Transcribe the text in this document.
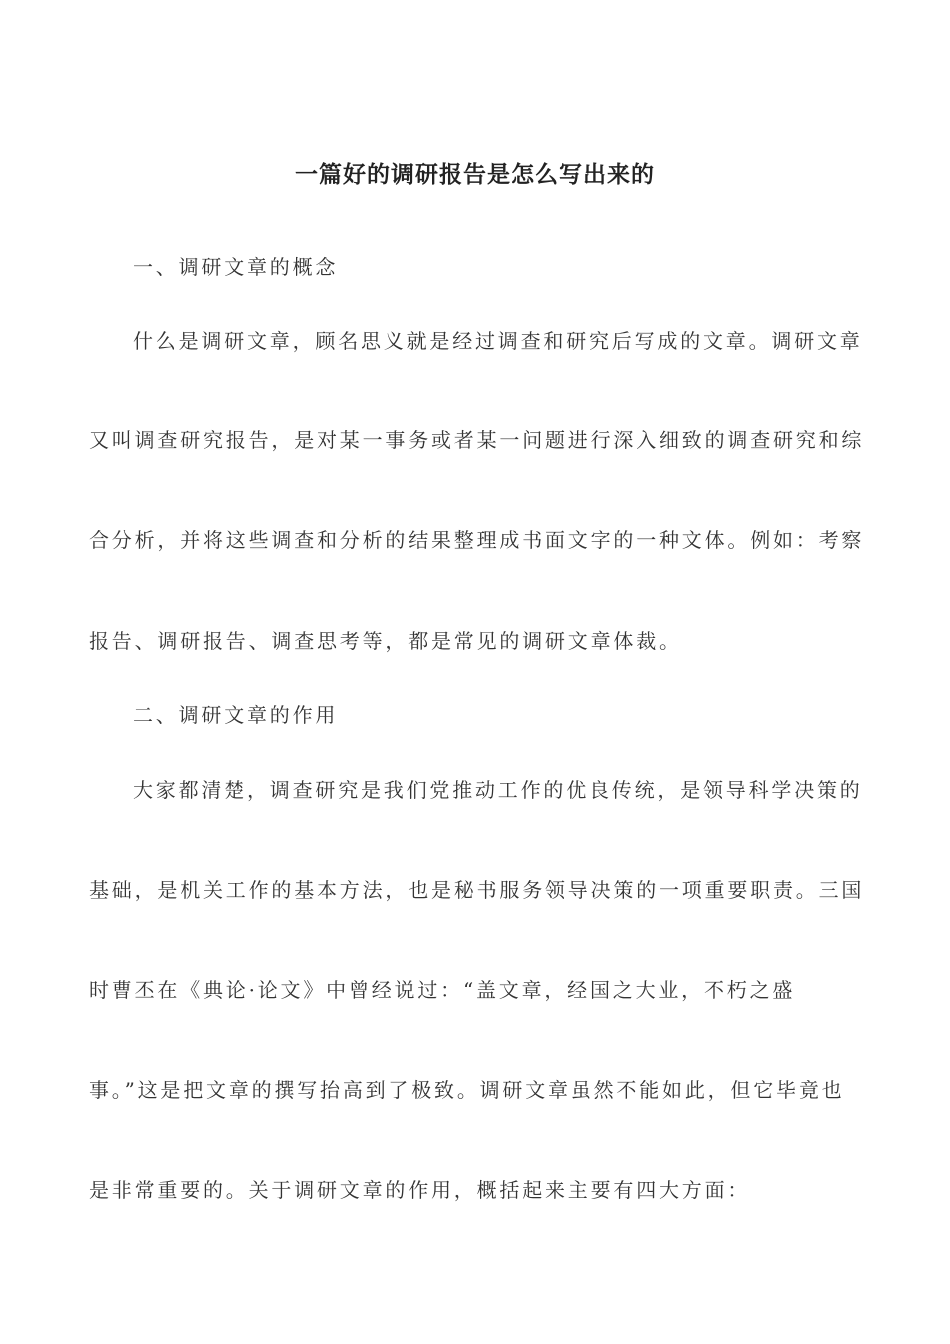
一篇好的调研报告是怎么写出来的
一、调研文章的概念
什么是调研文章，顾名思义就是经过调查和研究后写成的文章。调研文章
又叫调查研究报告，是对某一事务或者某一问题进行深入细致的调查研究和综
合分析，并将这些调查和分析的结果整理成书面文字的一种文体。例如：考察
报告、调研报告、调查思考等，都是常见的调研文章体裁。
二、调研文章的作用
大家都清楚，调查研究是我们党推动工作的优良传统，是领导科学决策的
基础，是机关工作的基本方法，也是秘书服务领导决策的一项重要职责。三国
时曹丕在《典论·论文》中曾经说过：“盖文章，经国之大业，不朽之盛
事。”这是把文章的撰写抬高到了极致。调研文章虽然不能如此，但它毕竟也
是非常重要的。关于调研文章的作用，概括起来主要有四大方面：
